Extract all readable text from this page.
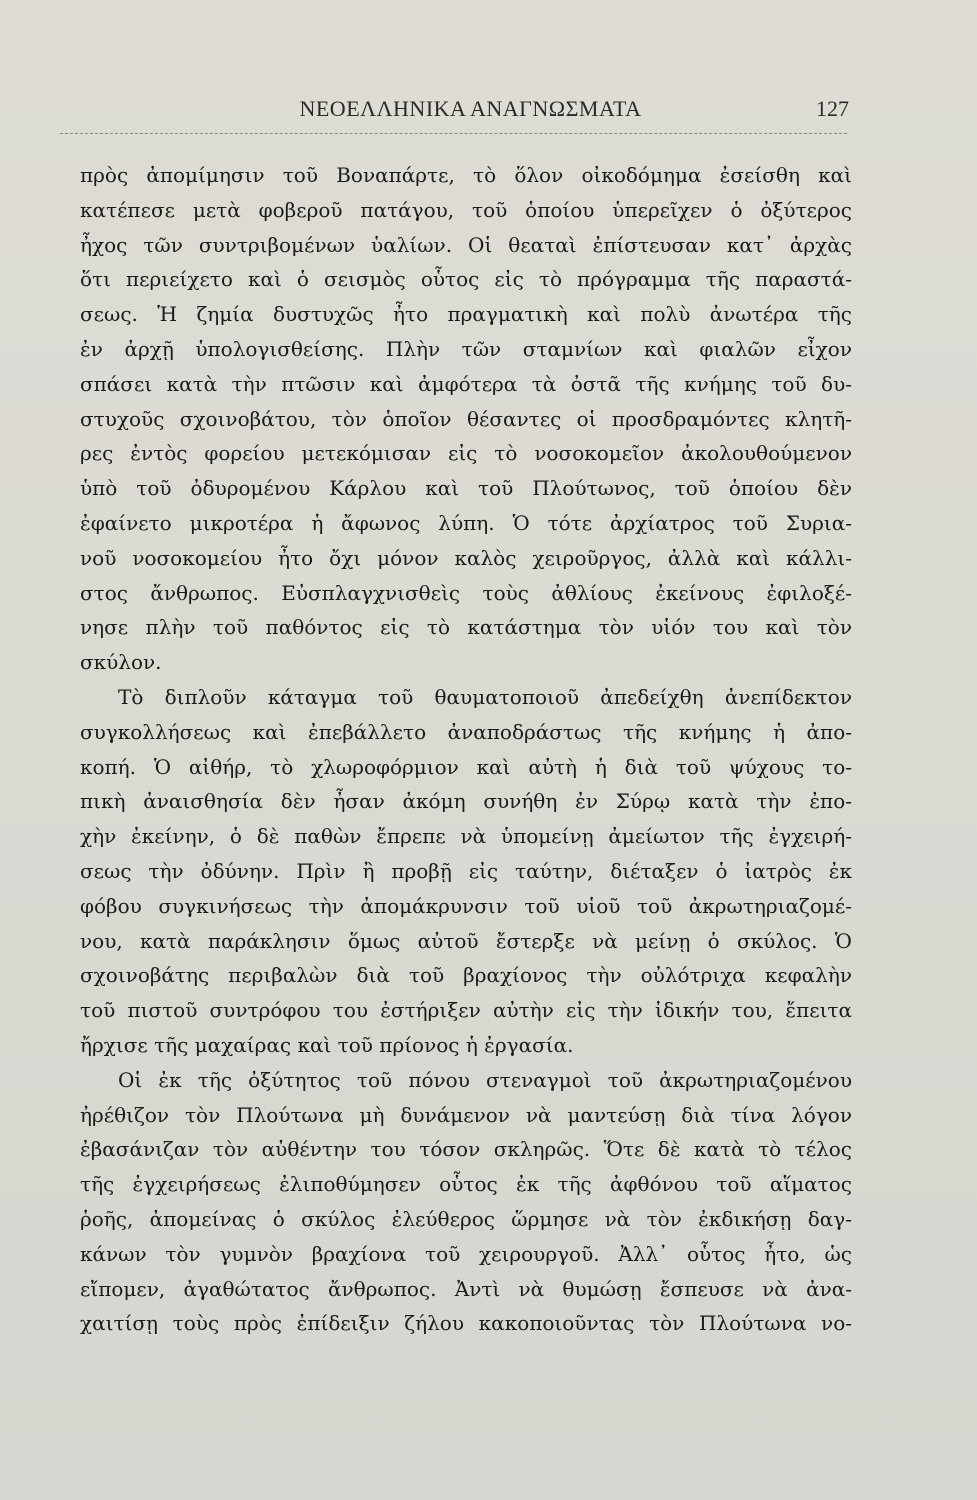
ΝΕΟΕΛΛΗΝΙΚΑ ΑΝΑΓΝΩΣΜΑΤΑ	127
πρὸς ἀπομίμησιν τοῦ Βοναπάρτε, τὸ ὅλον οἰκοδόμημα ἐσείσθη καὶ
κατέπεσε μετὰ φοβεροῦ πατάγου, τοῦ ὁποίου ὑπερεῖχεν ὁ ὀξύτερος
ἦχος τῶν συντριβομένων ὑαλίων. Οἱ θεαταὶ ἐπίστευσαν κατ᾿ ἀρχὰς
ὅτι περιείχετο καὶ ὁ σεισμὸς οὗτος εἰς τὸ πρόγραμμα τῆς παραστά-
σεως. Ἡ ζημία δυστυχῶς ἦτο πραγματικὴ καὶ πολὺ ἀνωτέρα τῆς
ἐν ἀρχῇ ὑπολογισθείσης. Πλὴν τῶν σταμνίων καὶ φιαλῶν εἶχον
σπάσει κατὰ τὴν πτῶσιν καὶ ἀμφότερα τὰ ὀστᾶ τῆς κνήμης τοῦ δυ-
στυχοῦς σχοινοβάτου, τὸν ὁποῖον θέσαντες οἱ προσδραμόντες κλητῆ-
ρες ἐντὸς φορείου μετεκόμισαν εἰς τὸ νοσοκομεῖον ἀκολουθούμενον
ὑπὸ τοῦ ὀδυρομένου Κάρλου καὶ τοῦ Πλούτωνος, τοῦ ὁποίου δὲν
ἐφαίνετο μικροτέρα ἡ ἄφωνος λύπη. Ὁ τότε ἀρχίατρος τοῦ Συρια-
νοῦ νοσοκομείου ἦτο ὄχι μόνον καλὸς χειροῦργος, ἀλλὰ καὶ κάλλι-
στος ἄνθρωπος. Εὐσπλαγχνισθεὶς τοὺς ἀθλίους ἐκείνους ἐφιλοξέ-
νησε πλὴν τοῦ παθόντος εἰς τὸ κατάστημα τὸν υἱόν του καὶ τὸν
σκύλον.
Τὸ διπλοῦν κάταγμα τοῦ θαυματοποιοῦ ἀπεδείχθη ἀνεπίδεκτον
συγκολλήσεως καὶ ἐπεβάλλετο ἀναποδράστως τῆς κνήμης ἡ ἀπο-
κοπή. Ὁ αἰθήρ, τὸ χλωροφόρμιον καὶ αὐτὴ ἡ διὰ τοῦ ψύχους το-
πικὴ ἀναισθησία δὲν ἦσαν ἀκόμη συνήθη ἐν Σύρῳ κατὰ τὴν ἐπο-
χὴν ἐκείνην, ὁ δὲ παθὼν ἔπρεπε νὰ ὑπομείνῃ ἀμείωτον τῆς ἐγχειρή-
σεως τὴν ὀδύνην. Πρὶν ἢ προβῇ εἰς ταύτην, διέταξεν ὁ ἰατρὸς ἐκ
φόβου συγκινήσεως τὴν ἀπομάκρυνσιν τοῦ υἱοῦ τοῦ ἀκρωτηριαζομέ-
νου, κατὰ παράκλησιν ὅμως αὐτοῦ ἔστερξε νὰ μείνῃ ὁ σκύλος. Ὁ
σχοινοβάτης περιβαλὼν διὰ τοῦ βραχίονος τὴν οὐλότριχα κεφαλὴν
τοῦ πιστοῦ συντρόφου του ἐστήριξεν αὐτὴν εἰς τὴν ἰδικήν του, ἔπειτα
ἤρχισε τῆς μαχαίρας καὶ τοῦ πρίονος ἡ ἐργασία.
Οἱ ἐκ τῆς ὀξύτητος τοῦ πόνου στεναγμοὶ τοῦ ἀκρωτηριαζομένου
ἠρέθιζον τὸν Πλούτωνα μὴ δυνάμενον νὰ μαντεύσῃ διὰ τίνα λόγον
ἐβασάνιζαν τὸν αὐθέντην του τόσον σκληρῶς. Ὅτε δὲ κατὰ τὸ τέλος
τῆς ἐγχειρήσεως ἐλιποθύμησεν οὗτος ἐκ τῆς ἀφθόνου τοῦ αἵματος
ῥοῆς, ἀπομείνας ὁ σκύλος ἐλεύθερος ὥρμησε νὰ τὸν ἐκδικήσῃ δαγ-
κάνων τὸν γυμνὸν βραχίονα τοῦ χειρουργοῦ. Ἀλλ᾿ οὗτος ἦτο, ὡς
εἴπομεν, ἀγαθώτατος ἄνθρωπος. Ἀντὶ νὰ θυμώσῃ ἔσπευσε νὰ ἀνα-
χαιτίσῃ τοὺς πρὸς ἐπίδειξιν ζήλου κακοποιοῦντας τὸν Πλούτωνα νο-
